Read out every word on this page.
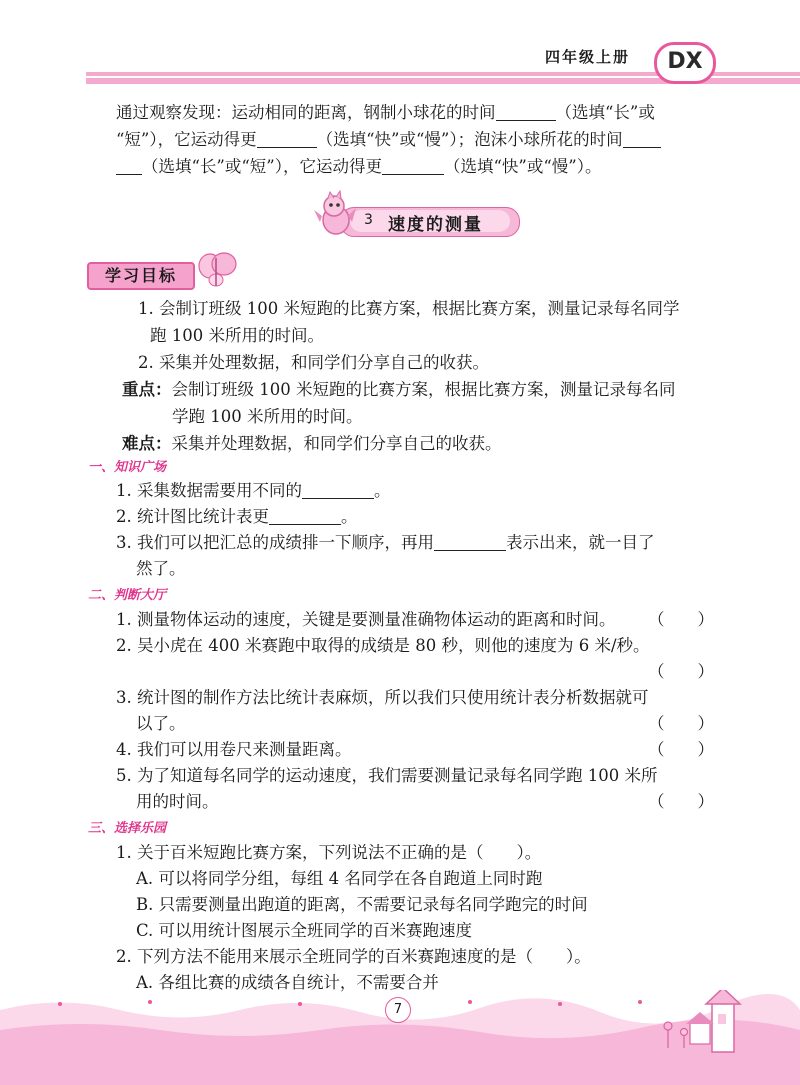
四年级上册	DX
通过观察发现：运动相同的距离，钢制小球花的时间	（选填“长”或
“短”），它运动得更	（选填“快”或“慢”）；泡沫小球所花的时间
（选填“长”或“短”），它运动得更	（选填“快”或“慢”）。
3 速度的测量
学习目标
1. 会制订班级 100 米短跑的比赛方案，根据比赛方案，测量记录每名同学
跑 100 米所用的时间。
2. 采集并处理数据，和同学们分享自己的收获。
重点：会制订班级 100 米短跑的比赛方案，根据比赛方案，测量记录每名同
学跑 100 米所用的时间。
难点：采集并处理数据，和同学们分享自己的收获。
一、知识广场
1. 采集数据需要用不同的	。
2. 统计图比统计表更	。
3. 我们可以把汇总的成绩排一下顺序，再用	表示出来，就一目了
然了。
二、判断大厅
1. 测量物体运动的速度，关键是要测量准确物体运动的距离和时间。 （　　）
2. 吴小虎在 400 米赛跑中取得的成绩是 80 秒，则他的速度为 6 米/秒。
（　　）
3. 统计图的制作方法比统计表麻烦，所以我们只使用统计表分析数据就可
以了。	（　　）
4. 我们可以用卷尺来测量距离。	（　　）
5. 为了知道每名同学的运动速度，我们需要测量记录每名同学跑 100 米所
用的时间。	（　　）
三、选择乐园
1. 关于百米短跑比赛方案，下列说法不正确的是（　　）。
A. 可以将同学分组，每组 4 名同学在各自跑道上同时跑
B. 只需要测量出跑道的距离，不需要记录每名同学跑完的时间
C. 可以用统计图展示全班同学的百米赛跑速度
2. 下列方法不能用来展示全班同学的百米赛跑速度的是（　　）。
A. 各组比赛的成绩各自统计，不需要合并
7
